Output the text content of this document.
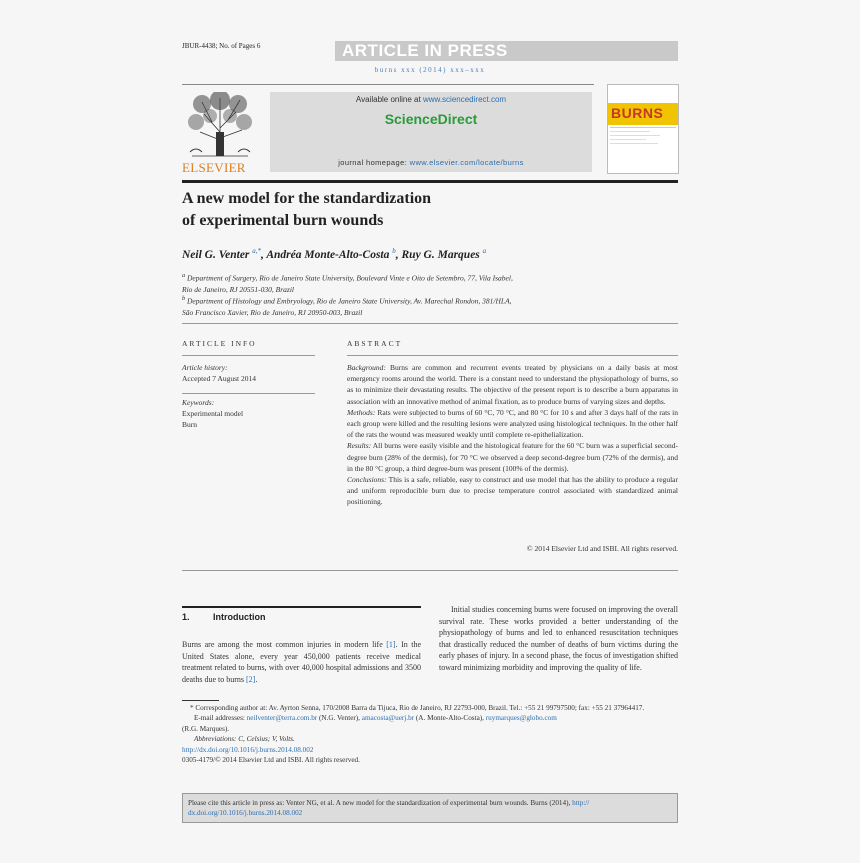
JBUR-4438; No. of Pages 6	ARTICLE IN PRESS
burns xxx (2014) xxx–xxx
ELSEVIER
Available online at www.sciencedirect.com
ScienceDirect
journal homepage: www.elsevier.com/locate/burns
BURNS
A new model for the standardization
of experimental burn wounds
Neil G. Venter $^{a,*}$, Andréa Monte-Alto-Costa $^b$, Ruy G. Marques $^a$
$^a$ Department of Surgery, Rio de Janeiro State University, Boulevard Vinte e Oito de Setembro, 77, Vila Isabel,
Rio de Janeiro, RJ 20551-030, Brazil
$^b$ Department of Histology and Embryology, Rio de Janeiro State University, Av. Marechal Rondon, 381/HLA,
São Francisco Xavier, Rio de Janeiro, RJ 20950-003, Brazil
ARTICLE INFO
Article history:
Accepted 7 August 2014
Keywords:
Experimental model
Burn
ABSTRACT

Background: Burns are common and recurrent events treated by physicians on a daily basis at most emergency rooms around the world. There is a constant need to understand the physiopathology of burns, so as to minimize their devastating results. The objective of the present report is to describe a burn apparatus in association with an innovative method of animal fixation, as to produce burns of varying sizes and depths.

Methods: Rats were subjected to burns of 60 °C, 70 °C, and 80 °C for 10 s and after 3 days half of the rats in each group were killed and the resulting lesions were analyzed using histological techniques. In the other half of the rats the wound was measured weakly until complete re-epithelialization.

Results: All burns were easily visible and the histological feature for the 60 °C burn was a superficial second-degree burn (28% of the dermis), for 70 °C we observed a deep second-degree burn (72% of the dermis), and in the 80 °C group, a third degree-burn was present (100% of the dermis).

Conclusions: This is a safe, reliable, easy to construct and use model that has the ability to produce a regular and uniform reproducible burn due to precise temperature control associated with standardized animal positioning.

© 2014 Elsevier Ltd and ISBI. All rights reserved.
1.	Introduction

Burns are among the most common injuries in modern life [1]. In the United States alone, every year 450,000 patients receive medical treatment related to burns, with over 40,000 hospital admissions and 3500 deaths due to burns [2].

Initial studies concerning burns were focused on improving the overall survival rate. These works provided a better understanding of the physiopathology of burns and led to enhanced resuscitation techniques that drastically reduced the number of deaths of burn victims during the early phases of injury. In a second phase, the focus of investigation shifted toward minimizing morbidity and improving the quality of life.

* Corresponding author at: Av. Ayrton Senna, 170/2008 Barra da Tijuca, Rio de Janeiro, RJ 22793-000, Brazil. Tel.: +55 21 99797500; fax: +55 21 37964417.

E-mail addresses: neilventer@terra.com.br (N.G. Venter), amacosta@uerj.br (A. Monte-Alto-Costa), ruymarques@globo.com

(R.G. Marques).

Abbreviations: C, Celsius; V, Volts.

http://dx.doi.org/10.1016/j.burns.2014.08.002

0305-4179/© 2014 Elsevier Ltd and ISBI. All rights reserved.

Please cite this article in press as: Venter NG, et al. A new model for the standardization of experimental burn wounds. Burns (2014), http://
dx.doi.org/10.1016/j.burns.2014.08.002
